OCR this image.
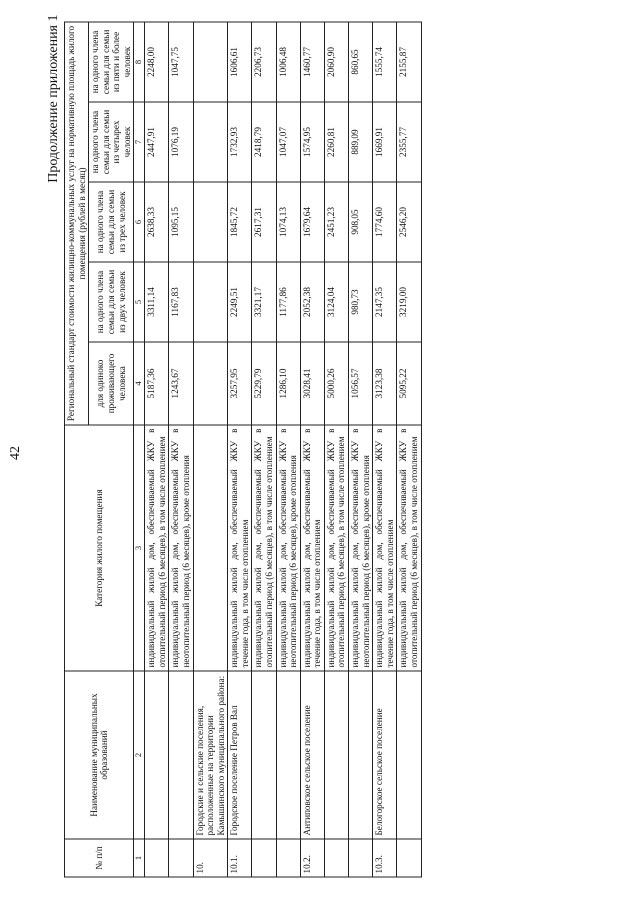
42
Продолжение приложения 1
№ п/п	Наименование муниципальных образований	Категория жилого помещения	Региональный стандарт стоимости жилищно-коммунальных услуг на нормативную площадь жилого помещения (рублей в месяц)				
			для одиноко проживающего человека	на одного члена семьи для семьи из двух человек	на одного члена семьи для семьи из трех человек	на одного члена семьи для семьи из четырех человек	на одного члена семьи для семьи из пяти и более человек
1	2	3	4	5	6	7	8
		индивидуальный жилой дом, обеспечиваемый ЖКУ в отопительный период (6 месяцев), в том числе отоплением	5187,36	3311,14	2638,33	2447,91	2248,00
		индивидуальный жилой дом, обеспечиваемый ЖКУ в неотопительный период (6 месяцев), кроме отопления	1243,67	1167,83	1095,15	1076,19	1047,75
10.	Городские и сельские поселения, расположенные на территории Камышинского муниципального района:						
10.1.	Городское поселение Петров Вал	индивидуальный жилой дом, обеспечиваемый ЖКУ в течение года, в том числе отоплением	3257,95	2249,51	1845,72	1732,93	1606,61
		индивидуальный жилой дом, обеспечиваемый ЖКУ в отопительный период (6 месяцев), в том числе отоплением	5229,79	3321,17	2617,31	2418,79	2206,73
		индивидуальный жилой дом, обеспечиваемый ЖКУ в неотопительный период (6 месяцев), кроме отопления	1286,10	1177,86	1074,13	1047,07	1006,48
10.2.	Антиповское сельское поселение	индивидуальный жилой дом, обеспечиваемый ЖКУ в течение года, в том числе отоплением	3028,41	2052,38	1679,64	1574,95	1460,77
		индивидуальный жилой дом, обеспечиваемый ЖКУ в отопительный период (6 месяцев), в том числе отоплением	5000,26	3124,04	2451,23	2260,81	2060,90
		индивидуальный жилой дом, обеспечиваемый ЖКУ в неотопительный период (6 месяцев), кроме отопления	1056,57	980,73	908,05	889,09	860,65
10.3.	Белогорское сельское поселение	индивидуальный жилой дом, обеспечиваемый ЖКУ в течение года, в том числе отоплением	3123,38	2147,35	1774,60	1669,91	1555,74
		индивидуальный жилой дом, обеспечиваемый ЖКУ в отопительный период (6 месяцев), в том числе отоплением	5095,22	3219,00	2546,20	2355,77	2155,87
